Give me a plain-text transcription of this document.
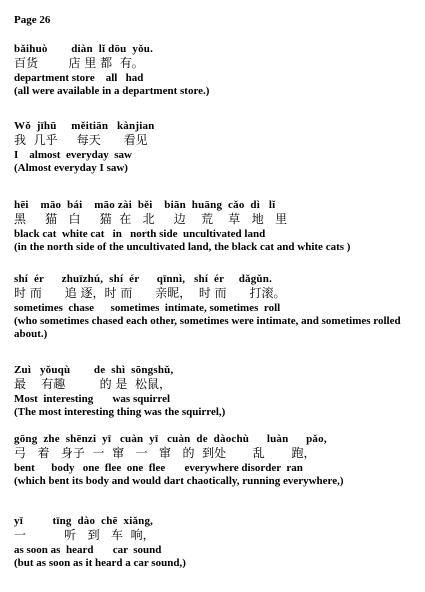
Page 26

bǎihuò        diàn  lǐ dōu  yǒu.

百货        店 里 都  有。

department store    all   had

(all were available in a department store.)

Wǒ  jīhū     měitiān   kànjian

我  几乎     每天      看见

I    almost  everyday  saw

(Almost everyday I saw)

hēi    māo  bái    māo zài  běi    biān  huāng  cǎo  dì   lǐ

黑     猫   白     猫  在   北     边    荒    草   地   里

black cat  white cat   in   north side  uncultivated land

(in the north side of the uncultivated land, the black cat and white cats )

shí  ér      zhuīzhú,  shí  ér      qīnnì,   shí  ér     dǎgǔn.

时 而      追 逐，时 而      亲昵，  时 而      打滚。

sometimes  chase      sometimes  intimate, sometimes  roll

(who sometimes chased each other, sometimes were intimate, and sometimes rolled about.)

Zuì   yǒuqù        de  shì  sōngshǔ,

最    有趣         的 是  松鼠，

Most  interesting       was squirrel

(The most interesting thing was the squirrel,)

gōng  zhe  shēnzi  yī   cuàn  yī   cuàn  de  dàochù      luàn      pǎo,

弓   着   身子  一  窜   一   窜   的  到处       乱       跑，

bent      body   one  flee  one  flee       everywhere disorder  ran

(which bent its body and would dart chaotically, running everywhere,)

yī          tīng  dào  chē  xiǎng,

一          听   到   车  响，

as soon as  heard       car  sound

(but as soon as it heard a car sound,)
